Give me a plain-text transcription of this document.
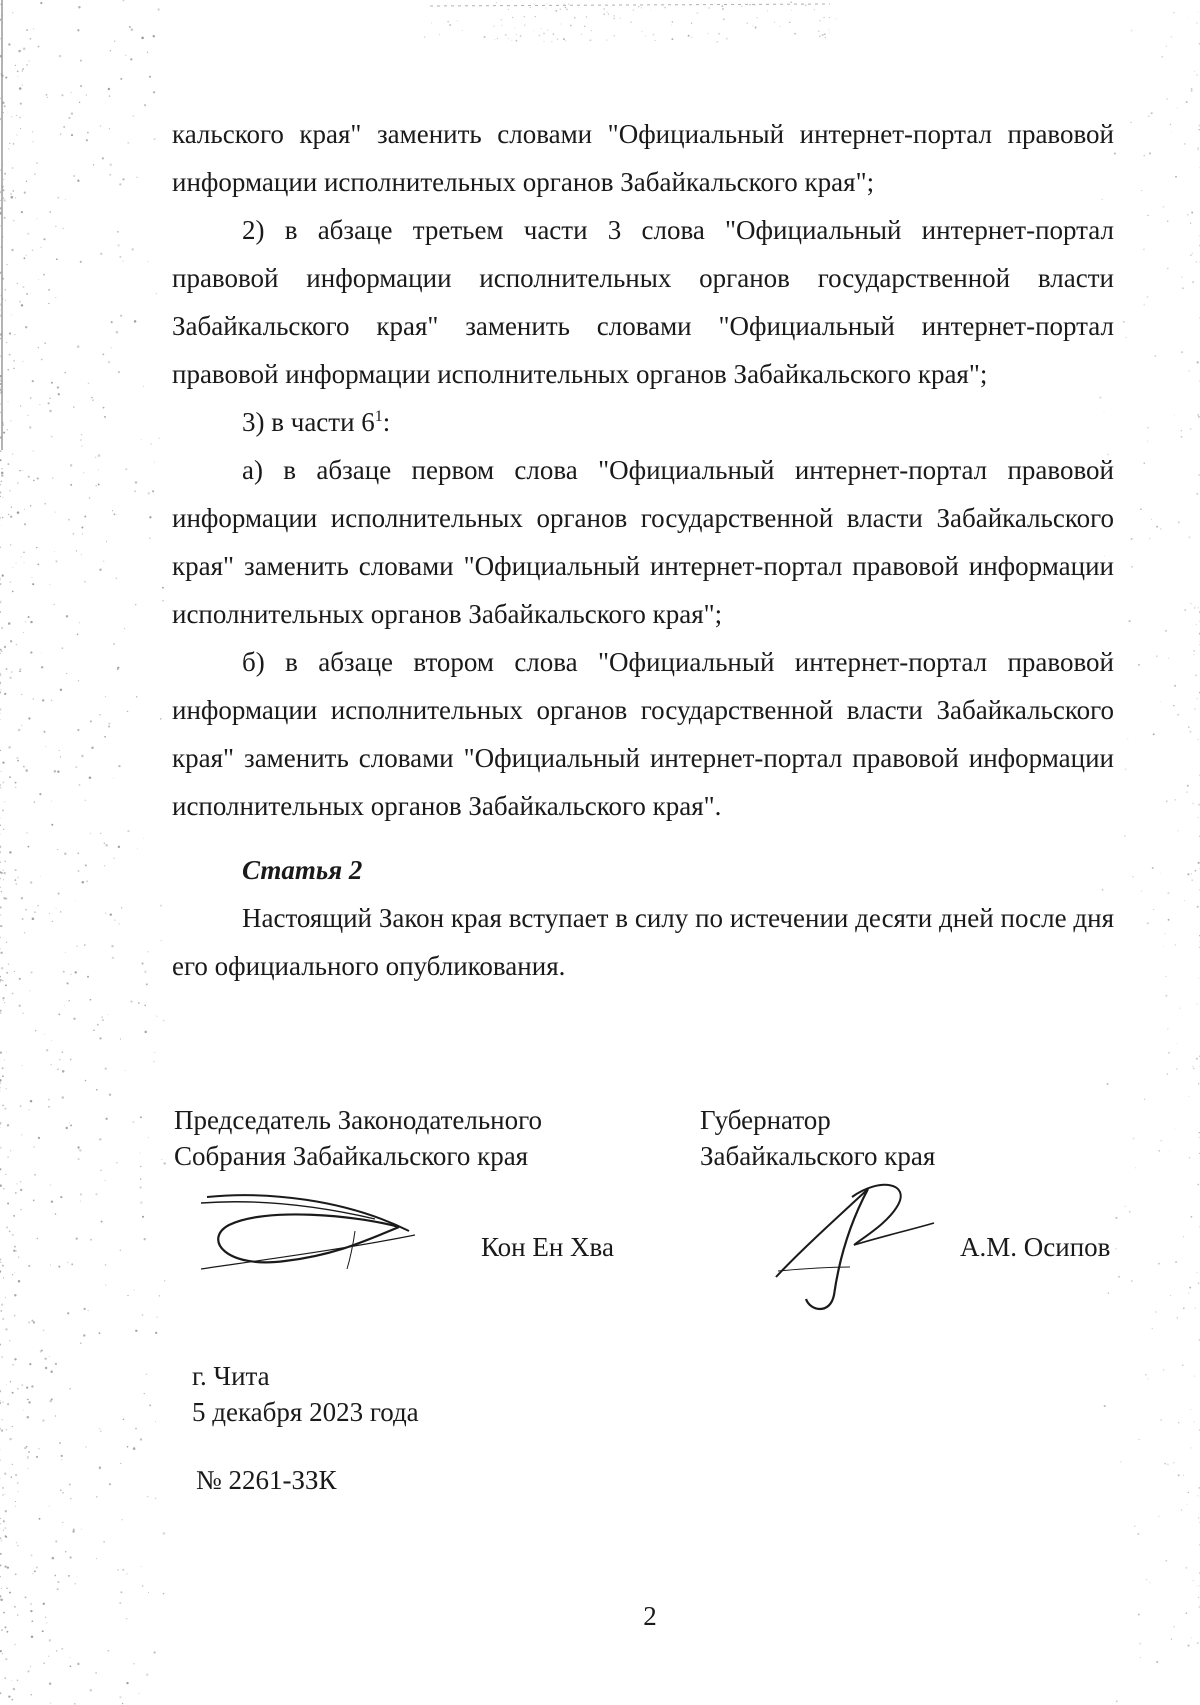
кальского края" заменить словами "Официальный интернет-портал правовой информации исполнительных органов Забайкальского края";

2) в абзаце третьем части 3 слова "Официальный интернет-портал правовой информации исполнительных органов государственной власти Забайкальского края" заменить словами "Официальный интернет-портал правовой информации исполнительных органов Забайкальского края";

3) в части $6^1$:

а) в абзаце первом слова "Официальный интернет-портал правовой информации исполнительных органов государственной власти Забайкальского края" заменить словами "Официальный интернет-портал правовой информации исполнительных органов Забайкальского края";

б) в абзаце втором слова "Официальный интернет-портал правовой информации исполнительных органов государственной власти Забайкальского края" заменить словами "Официальный интернет-портал правовой информации исполнительных органов Забайкальского края".

Статья 2

Настоящий Закон края вступает в силу по истечении десяти дней после дня его официального опубликования.

Председатель Законодательного

Собрания Забайкальского края

Кон Ен Хва

Губернатор

Забайкальского края

А.М. Осипов
г. Чита
5 декабря 2023 года
№ 2261-ЗЗК
2
